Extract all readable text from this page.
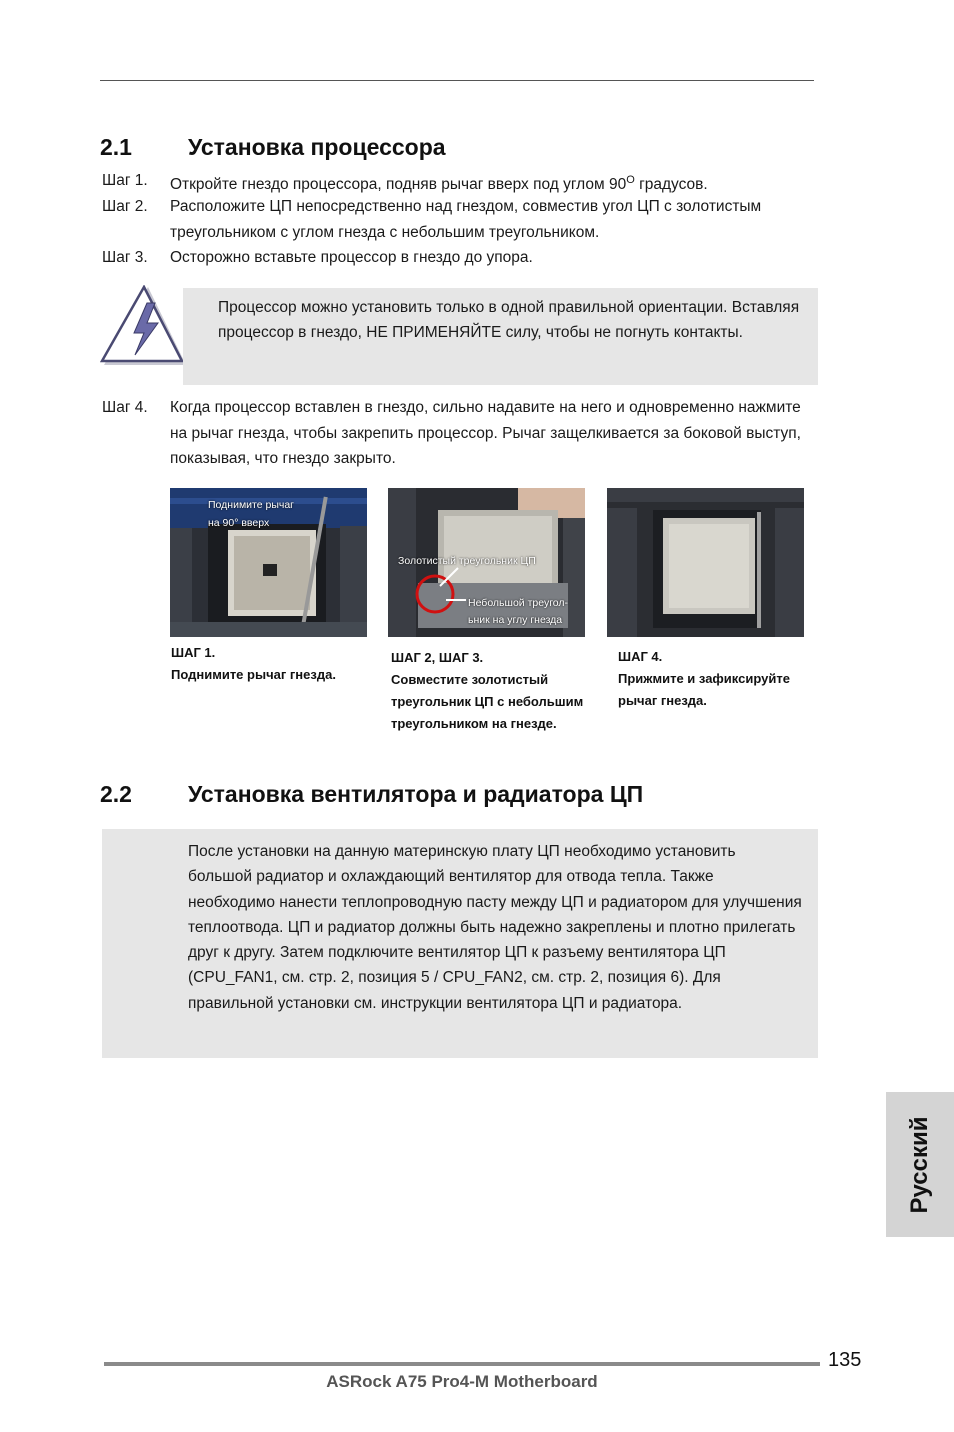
2.1 Установка процессора
Шаг 1.	Откройте гнездо процессора, подняв рычаг вверх под углом $90^O$ градусов.
Шаг 2.	Расположите ЦП непосредственно над гнездом, совместив угол ЦП с золотистым треугольником с углом гнезда с небольшим треугольником.
Шаг 3.	Осторожно вставьте процессор в гнездо до упора.
Процессор можно установить только в одной правильной ориентации. Вставляя процессор в гнездо, НЕ ПРИМЕНЯЙТЕ силу, чтобы не погнуть контакты.
Шаг 4.	Когда процессор вставлен в гнездо, сильно надавите на него и одновременно нажмите на рычаг гнезда, чтобы закрепить процессор. Рычаг защелкивается за боковой выступ, показывая, что гнездо закрыто.
Поднимите рычаг
на 90° вверх
Золотистый треугольник ЦП
Небольшой треугол-
ьник на углу гнезда
ШАГ 1.
Поднимите рычаг гнезда.
ШАГ 2, ШАГ 3.
Совместите золотистый треугольник ЦП с небольшим треугольником на гнезде.
ШАГ 4.
Прижмите и зафиксируйте рычаг гнезда.
2.2 Установка вентилятора и радиатора ЦП
После установки на данную материнскую плату ЦП необходимо установить большой радиатор и охлаждающий вентилятор для отвода тепла. Также необходимо нанести теплопроводную пасту между ЦП и радиатором для улучшения теплоотвода. ЦП и радиатор должны быть надежно закреплены и плотно прилегать друг к другу. Затем подключите вентилятор ЦП к разъему вентилятора ЦП (CPU_FAN1, см. стр. 2, позиция 5 / CPU_FAN2, см. стр. 2, позиция 6). Для правильной установки см. инструкции вентилятора ЦП и радиатора.
Русский
135
ASRock A75 Pro4-M Motherboard
